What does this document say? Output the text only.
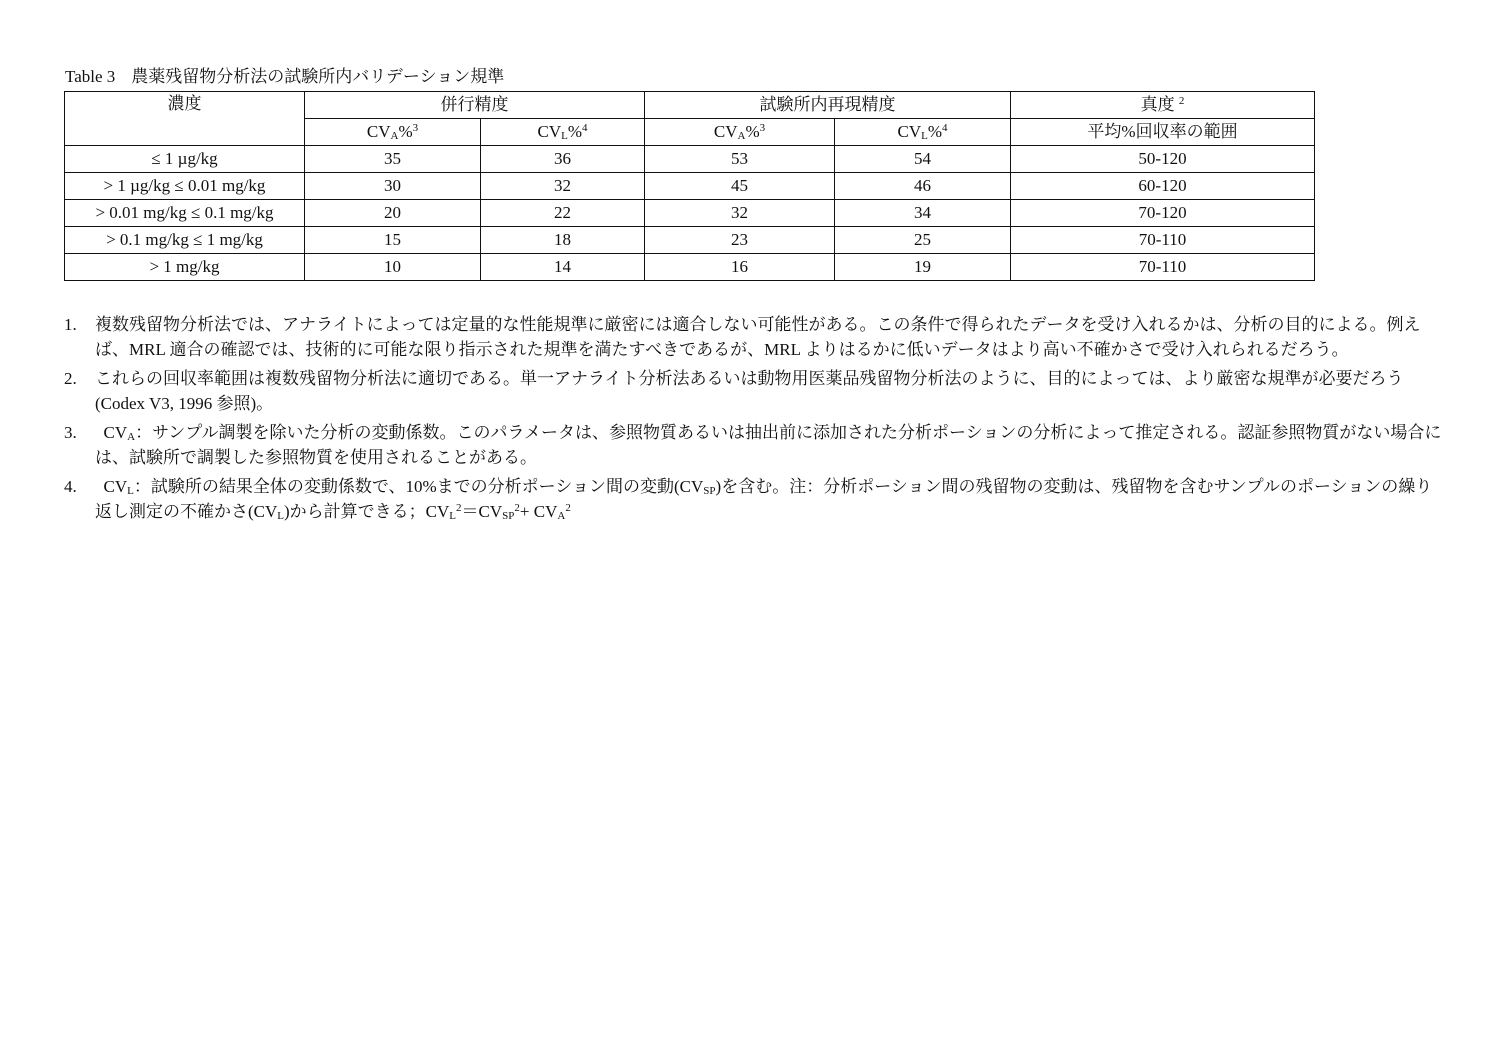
Table 3 農薬残留物分析法の試験所内バリデーション規準
濃度	併行精度		試験所内再現精度		真度 $^2$
	$CV_A\%^3$	$CV_L\%^4$	$CV_A\%^3$	$CV_L\%^4$	平均%回収率の範囲
≤ 1 µg/kg	35	36	53	54	50-120
> 1 µg/kg ≤ 0.01 mg/kg	30	32	45	46	60-120
> 0.01 mg/kg ≤ 0.1 mg/kg	20	22	32	34	70-120
> 0.1 mg/kg ≤ 1 mg/kg	15	18	23	25	70-110
> 1 mg/kg	10	14	16	19	70-110
1.	複数残留物分析法では、アナライトによっては定量的な性能規準に厳密には適合しない可能性がある。この条件で得られたデータを受け入れるかは、分析の目的による。例えば、MRL 適合の確認では、技術的に可能な限り指示された規準を満たすべきであるが、MRL よりはるかに低いデータはより高い不確かさで受け入れられるだろう。
2.	これらの回収率範囲は複数残留物分析法に適切である。単一アナライト分析法あるいは動物用医薬品残留物分析法のように、目的によっては、より厳密な規準が必要だろう (Codex V3, 1996 参照)。
3.	$CV_A$：サンプル調製を除いた分析の変動係数。このパラメータは、参照物質あるいは抽出前に添加された分析ポーションの分析によって推定される。認証参照物質がない場合には、試験所で調製した参照物質を使用されることがある。
4.	$CV_L$：試験所の結果全体の変動係数で、10%までの分析ポーション間の変動$(CV_{SP})$を含む。注：分析ポーション間の残留物の変動は、残留物を含むサンプルのポーションの繰り返し測定の不確かさ$(CV_L)$から計算できる；$CV_L^2=CV_{SP}^2+ CV_A^2$
